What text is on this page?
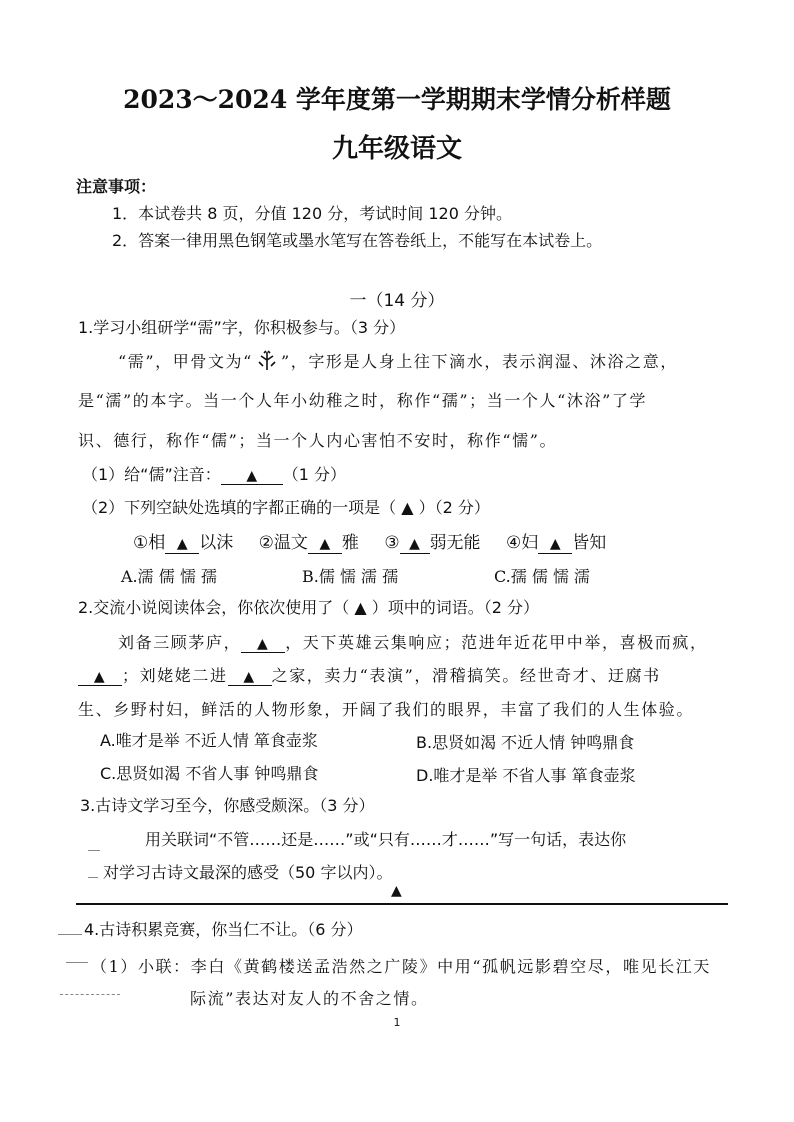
2023～2024 学年度第一学期期末学情分析样题
九年级语文
注意事项：
1．本试卷共 8 页，分值 120 分，考试时间 120 分钟。
2．答案一律用黑色钢笔或墨水笔写在答卷纸上，不能写在本试卷上。
一（14 分）
1.学习小组研学“需”字，你积极参与。（3 分）
“需”，甲骨文为“ ”，字形是人身上往下滴水，表示润湿、沐浴之意，
是“濡”的本字。当一个人年小幼稚之时，称作“孺”；当一个人“沐浴”了学
识、德行，称作“儒”；当一个人内心害怕不安时，称作“懦”。
（1）给“儒”注音： ▲ （1 分）
（2）下列空缺处选填的字都正确的一项是（ ▲ ）（2 分）
①相 ▲ 以沫 ②温文 ▲ 雅 ③ ▲ 弱无能 ④妇 ▲ 皆知
A.濡 儒 懦 孺	B.儒 懦 濡 孺	C.孺 儒 懦 濡
2.交流小说阅读体会，你依次使用了（ ▲ ）项中的词语。（2 分）
刘备三顾茅庐， ▲ ，天下英雄云集响应；范进年近花甲中举，喜极而疯，
▲ ；刘姥姥二进 ▲ 之家，卖力“表演”，滑稽搞笑。经世奇才、迂腐书
生、乡野村妇，鲜活的人物形象，开阔了我们的眼界，丰富了我们的人生体验。
A.唯才是举 不近人情 箪食壶浆	B.思贤如渴 不近人情 钟鸣鼎食
C.思贤如渴 不省人事 钟鸣鼎食	D.唯才是举 不省人事 箪食壶浆
3.古诗文学习至今，你感受颇深。（3 分）
用关联词“不管……还是……”或“只有……才……”写一句话，表达你
对学习古诗文最深的感受（50 字以内）。
▲
4.古诗积累竞赛，你当仁不让。（6 分）
（1）小联：李白《黄鹤楼送孟浩然之广陵》中用“孤帆远影碧空尽，唯见长江天
际流”表达对友人的不舍之情。
1
